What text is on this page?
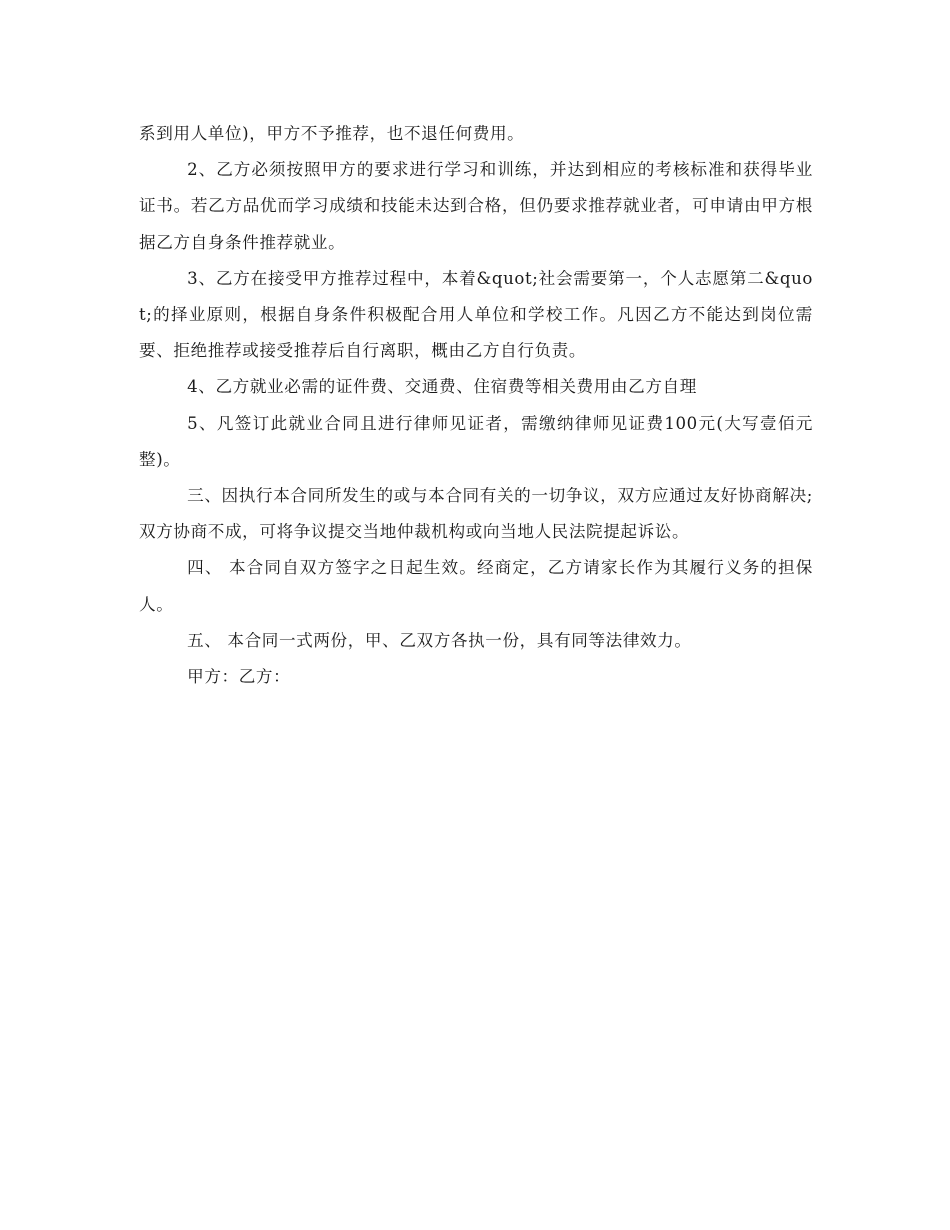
系到用人单位)，甲方不予推荐，也不退任何费用。

2、乙方必须按照甲方的要求进行学习和训练，并达到相应的考核标准和获得毕业证书。若乙方品优而学习成绩和技能未达到合格，但仍要求推荐就业者，可申请由甲方根据乙方自身条件推荐就业。

3、乙方在接受甲方推荐过程中，本着&quot;社会需要第一，个人志愿第二&quot;的择业原则，根据自身条件积极配合用人单位和学校工作。凡因乙方不能达到岗位需要、拒绝推荐或接受推荐后自行离职，概由乙方自行负责。

4、乙方就业必需的证件费、交通费、住宿费等相关费用由乙方自理

5、凡签订此就业合同且进行律师见证者，需缴纳律师见证费100元(大写壹佰元整)。

三、因执行本合同所发生的或与本合同有关的一切争议，双方应通过友好协商解决;双方协商不成，可将争议提交当地仲裁机构或向当地人民法院提起诉讼。

四、 本合同自双方签字之日起生效。经商定，乙方请家长作为其履行义务的担保人。

五、 本合同一式两份，甲、乙双方各执一份，具有同等法律效力。

甲方：乙方：
